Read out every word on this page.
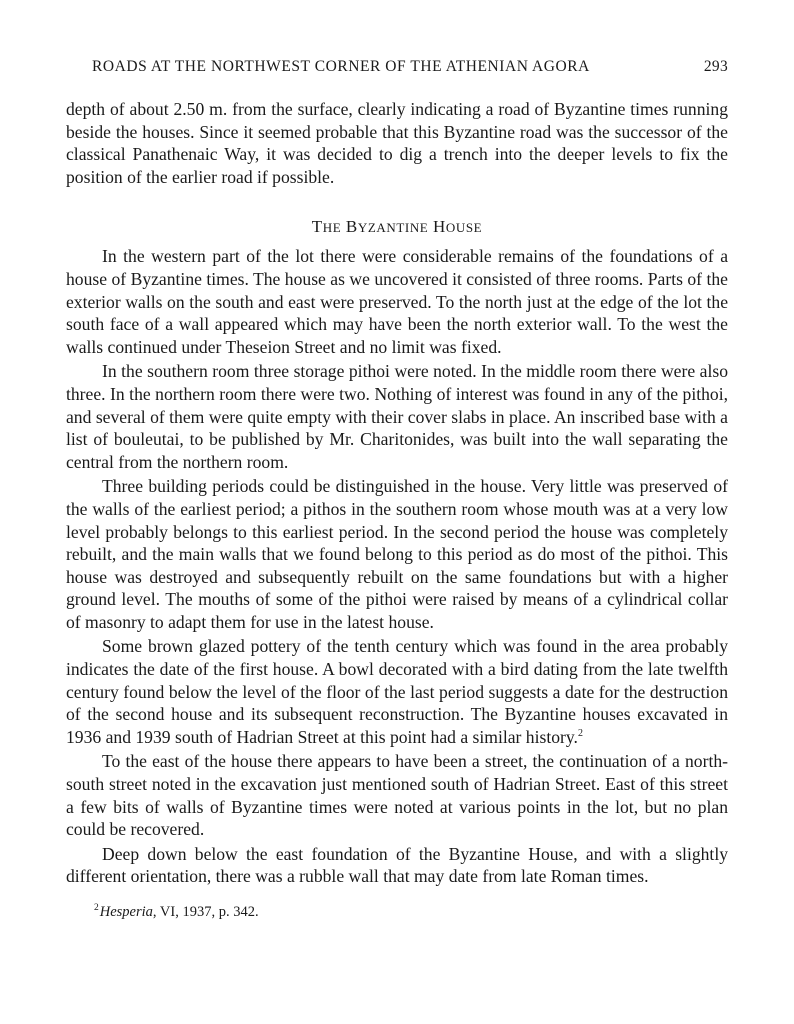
ROADS AT THE NORTHWEST CORNER OF THE ATHENIAN AGORA	293

depth of about 2.50 m. from the surface, clearly indicating a road of Byzantine times running beside the houses. Since it seemed probable that this Byzantine road was the successor of the classical Panathenaic Way, it was decided to dig a trench into the deeper levels to fix the position of the earlier road if possible.

THE BYZANTINE HOUSE

In the western part of the lot there were considerable remains of the foundations of a house of Byzantine times. The house as we uncovered it consisted of three rooms. Parts of the exterior walls on the south and east were preserved. To the north just at the edge of the lot the south face of a wall appeared which may have been the north exterior wall. To the west the walls continued under Theseion Street and no limit was fixed.

In the southern room three storage pithoi were noted. In the middle room there were also three. In the northern room there were two. Nothing of interest was found in any of the pithoi, and several of them were quite empty with their cover slabs in place. An inscribed base with a list of bouleutai, to be published by Mr. Charitonides, was built into the wall separating the central from the northern room.

Three building periods could be distinguished in the house. Very little was preserved of the walls of the earliest period; a pithos in the southern room whose mouth was at a very low level probably belongs to this earliest period. In the second period the house was completely rebuilt, and the main walls that we found belong to this period as do most of the pithoi. This house was destroyed and subsequently rebuilt on the same foundations but with a higher ground level. The mouths of some of the pithoi were raised by means of a cylindrical collar of masonry to adapt them for use in the latest house.

Some brown glazed pottery of the tenth century which was found in the area probably indicates the date of the first house. A bowl decorated with a bird dating from the late twelfth century found below the level of the floor of the last period suggests a date for the destruction of the second house and its subsequent reconstruction. The Byzantine houses excavated in 1936 and 1939 south of Hadrian Street at this point had a similar history.$^2$

To the east of the house there appears to have been a street, the continuation of a north-south street noted in the excavation just mentioned south of Hadrian Street. East of this street a few bits of walls of Byzantine times were noted at various points in the lot, but no plan could be recovered.

Deep down below the east foundation of the Byzantine House, and with a slightly different orientation, there was a rubble wall that may date from late Roman times.

$^2$Hesperia, VI, 1937, p. 342.
